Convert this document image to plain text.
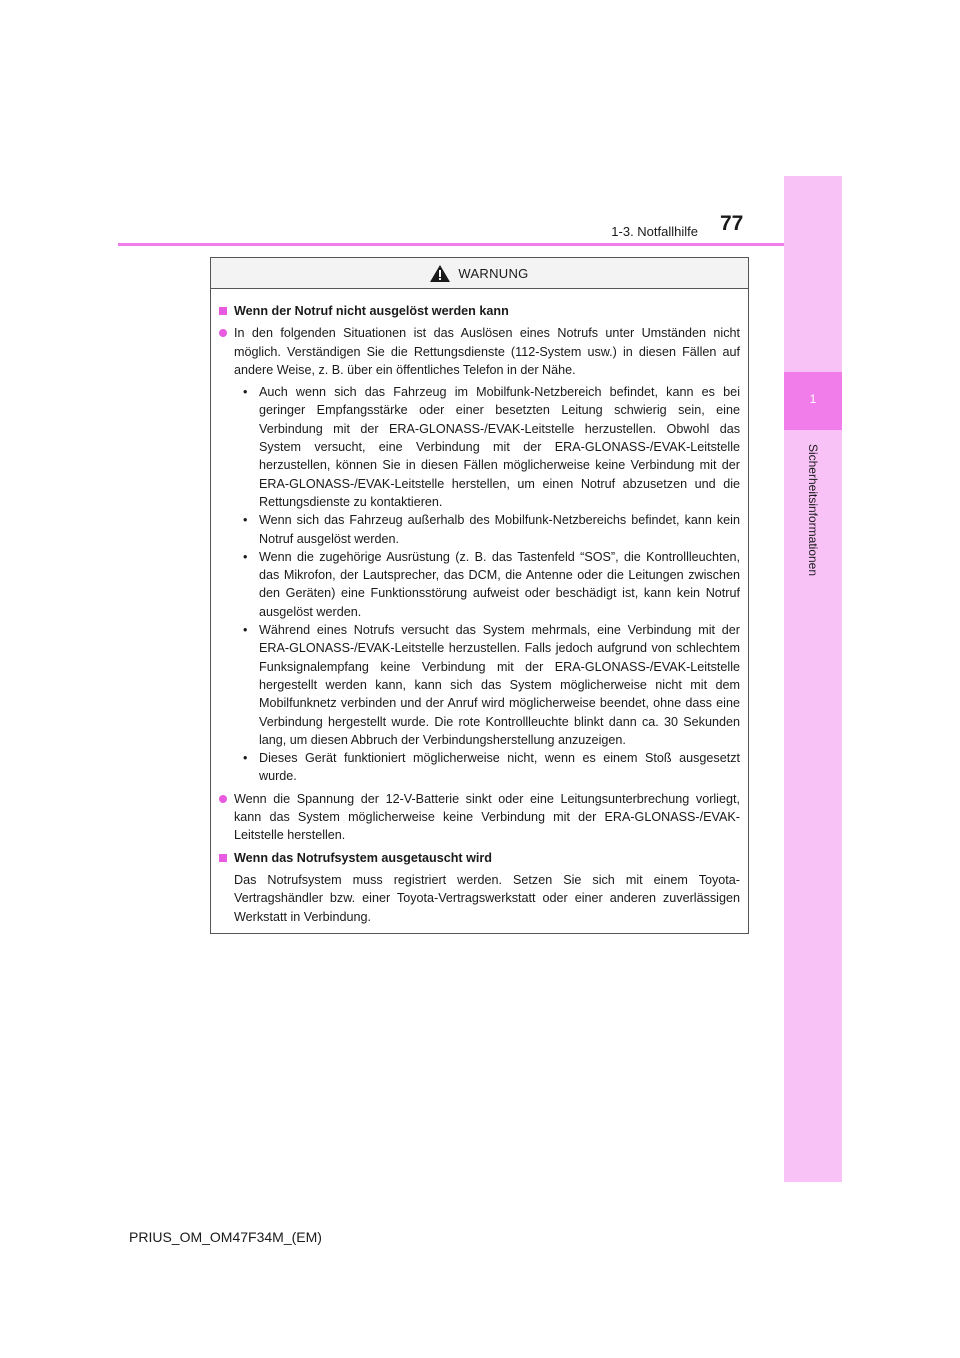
1
Sicherheitsinformationen
1-3. Notfallhilfe 77
WARNUNG
Wenn der Notruf nicht ausgelöst werden kann
In den folgenden Situationen ist das Auslösen eines Notrufs unter Umständen nicht möglich. Verständigen Sie die Rettungsdienste (112-System usw.) in diesen Fällen auf andere Weise, z. B. über ein öffentliches Telefon in der Nähe.
• Auch wenn sich das Fahrzeug im Mobilfunk-Netzbereich befindet, kann es bei geringer Empfangsstärke oder einer besetzten Leitung schwierig sein, eine Verbindung mit der ERA-GLONASS-/EVAK-Leitstelle herzustellen. Obwohl das System versucht, eine Verbindung mit der ERA-GLONASS-/EVAK-Leitstelle herzustellen, können Sie in diesen Fällen möglicherweise keine Verbindung mit der ERA-GLONASS-/EVAK-Leitstelle herstellen, um einen Notruf abzusetzen und die Rettungsdienste zu kontaktieren.
• Wenn sich das Fahrzeug außerhalb des Mobilfunk-Netzbereichs befindet, kann kein Notruf ausgelöst werden.
• Wenn die zugehörige Ausrüstung (z. B. das Tastenfeld “SOS”, die Kontrollleuchten, das Mikrofon, der Lautsprecher, das DCM, die Antenne oder die Leitungen zwischen den Geräten) eine Funktionsstörung aufweist oder beschädigt ist, kann kein Notruf ausgelöst werden.
• Während eines Notrufs versucht das System mehrmals, eine Verbindung mit der ERA-GLONASS-/EVAK-Leitstelle herzustellen. Falls jedoch aufgrund von schlechtem Funksignalempfang keine Verbindung mit der ERA-GLONASS-/EVAK-Leitstelle hergestellt werden kann, kann sich das System möglicherweise nicht mit dem Mobilfunknetz verbinden und der Anruf wird möglicherweise beendet, ohne dass eine Verbindung hergestellt wurde. Die rote Kontrollleuchte blinkt dann ca. 30 Sekunden lang, um diesen Abbruch der Verbindungsherstellung anzuzeigen.
• Dieses Gerät funktioniert möglicherweise nicht, wenn es einem Stoß ausgesetzt wurde.
Wenn die Spannung der 12-V-Batterie sinkt oder eine Leitungsunterbrechung vorliegt, kann das System möglicherweise keine Verbindung mit der ERA-GLONASS-/EVAK-Leitstelle herstellen.
Wenn das Notrufsystem ausgetauscht wird
Das Notrufsystem muss registriert werden. Setzen Sie sich mit einem Toyota-Vertragshändler bzw. einer Toyota-Vertragswerkstatt oder einer anderen zuverlässigen Werkstatt in Verbindung.
PRIUS_OM_OM47F34M_(EM)
